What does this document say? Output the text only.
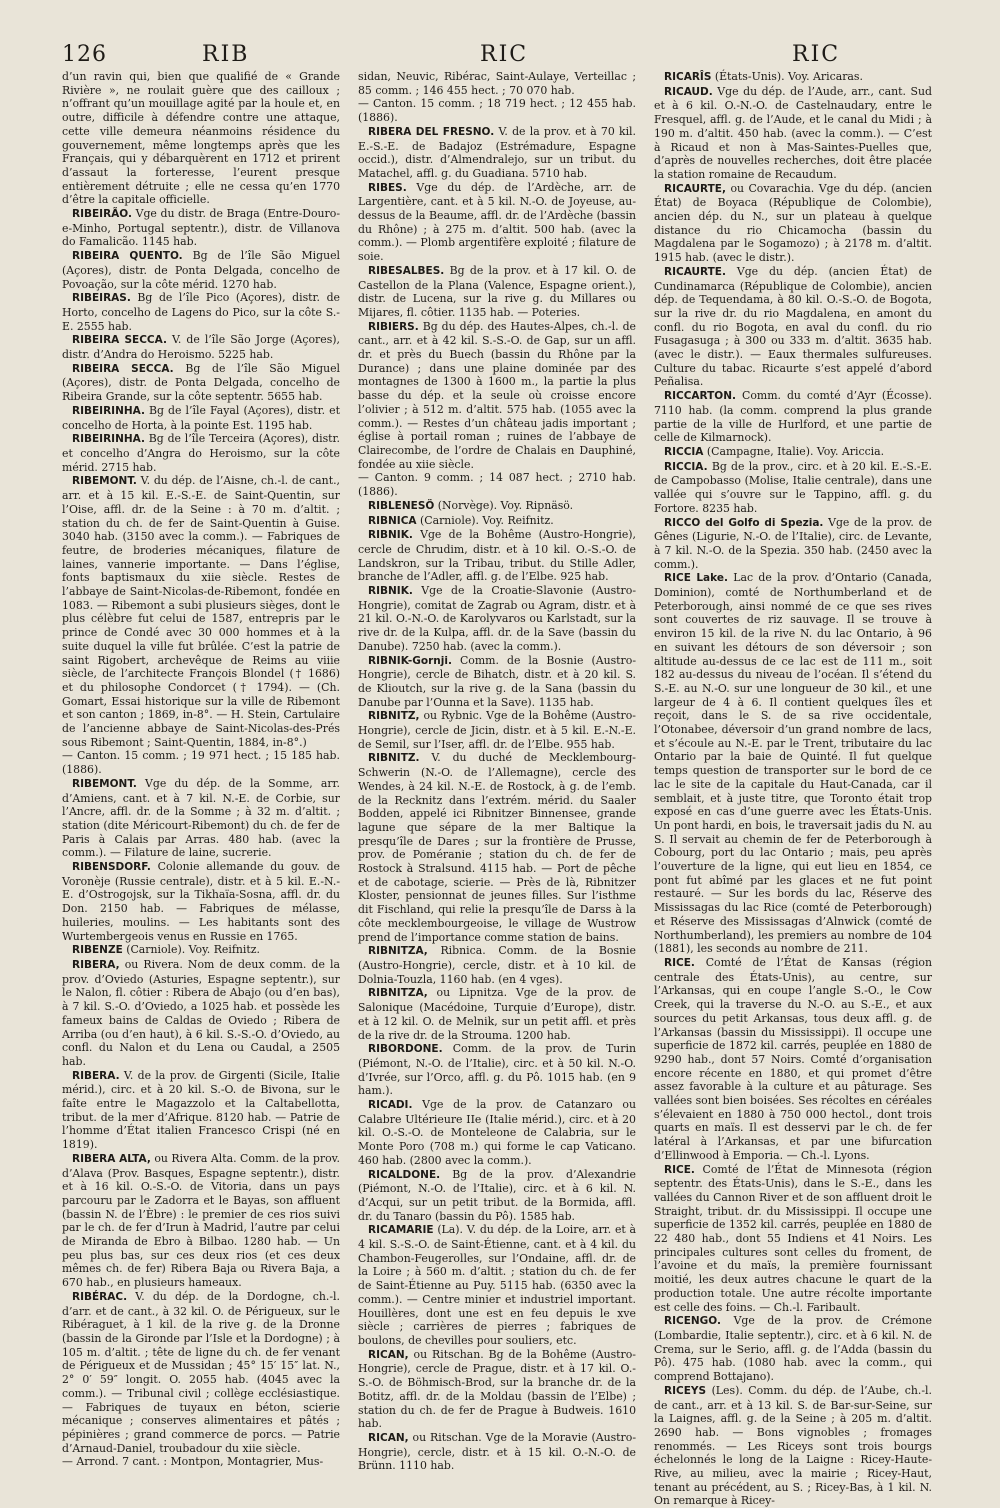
126	RIB	RIC	RIC

d’un ravin qui, bien que qualifié de « Grande Rivière », ne roulait guère que des cailloux ; n’offrant qu’un mouillage agité par la houle et, en outre, difficile à défendre contre une attaque, cette ville demeura néanmoins résidence du gouvernement, même longtemps après que les Français, qui y débarquèrent en 1712 et prirent d’assaut la forteresse, l’eurent presque entièrement détruite ; elle ne cessa qu’en 1770 d’être la capitale officielle.

RIBEIRÃO. Vge du distr. de Braga (Entre-Douro-e-Minho, Portugal septentr.), distr. de Villanova do Famalicão. 1145 hab.

RIBEIRA QUENTO. Bg de l’île São Miguel (Açores), distr. de Ponta Delgada, concelho de Povoação, sur la côte mérid. 1270 hab.

RIBEIRAS. Bg de l’île Pico (Açores), distr. de Horto, concelho de Lagens do Pico, sur la côte S.-E. 2555 hab.

RIBEIRA SECCA. V. de l’île São Jorge (Açores), distr. d’Andra do Heroismo. 5225 hab.

RIBEIRA SECCA. Bg de l’île São Miguel (Açores), distr. de Ponta Delgada, concelho de Ribeira Grande, sur la côte septentr. 5655 hab.

RIBEIRINHA. Bg de l’île Fayal (Açores), distr. et concelho de Horta, à la pointe Est. 1195 hab.

RIBEIRINHA. Bg de l’île Terceira (Açores), distr. et concelho d’Angra do Heroismo, sur la côte mérid. 2715 hab.

RIBEMONT. V. du dép. de l’Aisne, ch.-l. de cant., arr. et à 15 kil. E.-S.-E. de Saint-Quentin, sur l’Oise, affl. dr. de la Seine : à 70 m. d’altit. ; station du ch. de fer de Saint-Quentin à Guise. 3040 hab. (3150 avec la comm.). — Fabriques de feutre, de broderies mécaniques, filature de laines, vannerie importante. — Dans l’église, fonts baptismaux du xiie siècle. Restes de l’abbaye de Saint-Nicolas-de-Ribemont, fondée en 1083. — Ribemont a subi plusieurs sièges, dont le plus célèbre fut celui de 1587, entrepris par le prince de Condé avec 30 000 hommes et à la suite duquel la ville fut brûlée. C’est la patrie de saint Rigobert, archevêque de Reims au viiie siècle, de l’architecte François Blondel († 1686) et du philosophe Condorcet († 1794). — (Ch. Gomart, Essai historique sur la ville de Ribemont et son canton ; 1869, in-8°. — H. Stein, Cartulaire de l’ancienne abbaye de Saint-Nicolas-des-Prés sous Ribemont ; Saint-Quentin, 1884, in-8°.)

— Canton. 15 comm. ; 19 971 hect. ; 15 185 hab. (1886).

RIBEMONT. Vge du dép. de la Somme, arr. d’Amiens, cant. et à 7 kil. N.-E. de Corbie, sur l’Ancre, affl. dr. de la Somme ; à 32 m. d’altit. ; station (dite Méricourt-Ribemont) du ch. de fer de Paris à Calais par Arras. 480 hab. (avec la comm.). — Filature de laine, sucrerie.

RIBENSDORF. Colonie allemande du gouv. de Voronèje (Russie centrale), distr. et à 5 kil. E.-N.-E. d’Ostrogojsk, sur la Tikhaïa-Sosna, affl. dr. du Don. 2150 hab. — Fabriques de mélasse, huileries, moulins. — Les habitants sont des Wurtembergeois venus en Russie en 1765.

RIBENZE (Carniole). Voy. Reifnitz.

RIBERA, ou Rivera. Nom de deux comm. de la prov. d’Oviedo (Asturies, Espagne septentr.), sur le Nalon, fl. côtier : Ribera de Abajo (ou d’en bas), à 7 kil. S.-O. d’Oviedo, a 1025 hab. et possède les fameux bains de Caldas de Oviedo ; Ribera de Arriba (ou d’en haut), à 6 kil. S.-S.-O. d’Oviedo, au confl. du Nalon et du Lena ou Caudal, a 2505 hab.

RIBERA. V. de la prov. de Girgenti (Sicile, Italie mérid.), circ. et à 20 kil. S.-O. de Bivona, sur le faîte entre le Magazzolo et la Caltabellotta, tribut. de la mer d’Afrique. 8120 hab. — Patrie de l’homme d’État italien Francesco Crispi (né en 1819).

RIBERA ALTA, ou Rivera Alta. Comm. de la prov. d’Alava (Prov. Basques, Espagne septentr.), distr. et à 16 kil. O.-S.-O. de Vitoria, dans un pays parcouru par le Zadorra et le Bayas, son affluent (bassin N. de l’Èbre) : le premier de ces rios suivi par le ch. de fer d’Irun à Madrid, l’autre par celui de Miranda de Ebro à Bilbao. 1280 hab. — Un peu plus bas, sur ces deux rios (et ces deux mêmes ch. de fer) Ribera Baja ou Rivera Baja, a 670 hab., en plusieurs hameaux.

RIBÉRAC. V. du dép. de la Dordogne, ch.-l. d’arr. et de cant., à 32 kil. O. de Périgueux, sur le Ribéraguet, à 1 kil. de la rive g. de la Dronne (bassin de la Gironde par l’Isle et la Dordogne) ; à 105 m. d’altit. ; tête de ligne du ch. de fer venant de Périgueux et de Mussidan ; 45° 15′ 15″ lat. N., 2° 0′ 59″ longit. O. 2055 hab. (4045 avec la comm.). — Tribunal civil ; collège ecclésiastique. — Fabriques de tuyaux en béton, scierie mécanique ; conserves alimentaires et pâtés ; pépinières ; grand commerce de porcs. — Patrie d’Arnaud-Daniel, troubadour du xiie siècle.

— Arrond. 7 cant. : Montpon, Montagrier, Mus-

sidan, Neuvic, Ribérac, Saint-Aulaye, Verteillac ; 85 comm. ; 146 455 hect. ; 70 070 hab.

— Canton. 15 comm. ; 18 719 hect. ; 12 455 hab. (1886).

RIBERA DEL FRESNO. V. de la prov. et à 70 kil. E.-S.-E. de Badajoz (Estrémadure, Espagne occid.), distr. d’Almendralejo, sur un tribut. du Matachel, affl. g. du Guadiana. 5710 hab.

RIBES. Vge du dép. de l’Ardèche, arr. de Largentière, cant. et à 5 kil. N.-O. de Joyeuse, au-dessus de la Beaume, affl. dr. de l’Ardèche (bassin du Rhône) ; à 275 m. d’altit. 500 hab. (avec la comm.). — Plomb argentifère exploité ; filature de soie.

RIBESALBES. Bg de la prov. et à 17 kil. O. de Castellon de la Plana (Valence, Espagne orient.), distr. de Lucena, sur la rive g. du Millares ou Mijares, fl. côtier. 1135 hab. — Poteries.

RIBIERS. Bg du dép. des Hautes-Alpes, ch.-l. de cant., arr. et à 42 kil. S.-S.-O. de Gap, sur un affl. dr. et près du Buech (bassin du Rhône par la Durance) ; dans une plaine dominée par des montagnes de 1300 à 1600 m., la partie la plus basse du dép. et la seule où croisse encore l’olivier ; à 512 m. d’altit. 575 hab. (1055 avec la comm.). — Restes d’un château jadis important ; église à portail roman ; ruines de l’abbaye de Clairecombe, de l’ordre de Chalais en Dauphiné, fondée au xiie siècle.

— Canton. 9 comm. ; 14 087 hect. ; 2710 hab. (1886).

RIBLENESÖ (Norvège). Voy. Ripnäsö.

RIBNICA (Carniole). Voy. Reifnitz.

RIBNIK. Vge de la Bohême (Austro-Hongrie), cercle de Chrudim, distr. et à 10 kil. O.-S.-O. de Landskron, sur la Tribau, tribut. du Stille Adler, branche de l’Adler, affl. g. de l’Elbe. 925 hab.

RIBNIK. Vge de la Croatie-Slavonie (Austro-Hongrie), comitat de Zagrab ou Agram, distr. et à 21 kil. O.-N.-O. de Karolyvaros ou Karlstadt, sur la rive dr. de la Kulpa, affl. dr. de la Save (bassin du Danube). 7250 hab. (avec la comm.).

RIBNIK-Gornji. Comm. de la Bosnie (Austro-Hongrie), cercle de Bihatch, distr. et à 20 kil. S. de Klioutch, sur la rive g. de la Sana (bassin du Danube par l’Ounna et la Save). 1135 hab.

RIBNITZ, ou Rybnic. Vge de la Bohême (Austro-Hongrie), cercle de Jicin, distr. et à 5 kil. E.-N.-E. de Semil, sur l’Iser, affl. dr. de l’Elbe. 955 hab.

RIBNITZ. V. du duché de Mecklembourg-Schwerin (N.-O. de l’Allemagne), cercle des Wendes, à 24 kil. N.-E. de Rostock, à g. de l’emb. de la Recknitz dans l’extrém. mérid. du Saaler Bodden, appelé ici Ribnitzer Binnensee, grande lagune que sépare de la mer Baltique la presqu’île de Dares ; sur la frontière de Prusse, prov. de Poméranie ; station du ch. de fer de Rostock à Stralsund. 4115 hab. — Port de pêche et de cabotage, scierie. — Près de là, Ribnitzer Kloster, pensionnat de jeunes filles. Sur l’isthme dit Fischland, qui relie la presqu’île de Darss à la côte mecklembourgeoise, le village de Wustrow prend de l’importance comme station de bains.

RIBNITZA, Ribnica. Comm. de la Bosnie (Austro-Hongrie), cercle, distr. et à 10 kil. de Dolnia-Touzla, 1160 hab. (en 4 vges).

RIBNITZA, ou Lipnitza. Vge de la prov. de Salonique (Macédoine, Turquie d’Europe), distr. et à 12 kil. O. de Melnik, sur un petit affl. et près de la rive dr. de la Strouma. 1200 hab.

RIBORDONE. Comm. de la prov. de Turin (Piémont, N.-O. de l’Italie), circ. et à 50 kil. N.-O. d’Ivrée, sur l’Orco, affl. g. du Pô. 1015 hab. (en 9 ham.).

RICADI. Vge de la prov. de Catanzaro ou Calabre Ultérieure IIe (Italie mérid.), circ. et à 20 kil. O.-S.-O. de Monteleone de Calabria, sur le Monte Poro (708 m.) qui forme le cap Vaticano. 460 hab. (2800 avec la comm.).

RICALDONE. Bg de la prov. d’Alexandrie (Piémont, N.-O. de l’Italie), circ. et à 6 kil. N. d’Acqui, sur un petit tribut. de la Bormida, affl. dr. du Tanaro (bassin du Pô). 1585 hab.

RICAMARIE (La). V. du dép. de la Loire, arr. et à 4 kil. S.-S.-O. de Saint-Étienne, cant. et à 4 kil. du Chambon-Feugerolles, sur l’Ondaine, affl. dr. de la Loire ; à 560 m. d’altit. ; station du ch. de fer de Saint-Étienne au Puy. 5115 hab. (6350 avec la comm.). — Centre minier et industriel important. Houillères, dont une est en feu depuis le xve siècle ; carrières de pierres ; fabriques de boulons, de chevilles pour souliers, etc.

RICAN, ou Ritschan. Bg de la Bohême (Austro-Hongrie), cercle de Prague, distr. et à 17 kil. O.-S.-O. de Böhmisch-Brod, sur la branche dr. de la Botitz, affl. dr. de la Moldau (bassin de l’Elbe) ; station du ch. de fer de Prague à Budweis. 1610 hab.

RICAN, ou Ritschan. Vge de la Moravie (Austro-Hongrie), cercle, distr. et à 15 kil. O.-N.-O. de Brünn. 1110 hab.

RICARÎS (États-Unis). Voy. Aricaras.

RICAUD. Vge du dép. de l’Aude, arr., cant. Sud et à 6 kil. O.-N.-O. de Castelnaudary, entre le Fresquel, affl. g. de l’Aude, et le canal du Midi ; à 190 m. d’altit. 450 hab. (avec la comm.). — C’est à Ricaud et non à Mas-Saintes-Puelles que, d’après de nouvelles recherches, doit être placée la station romaine de Recaudum.

RICAURTE, ou Covarachia. Vge du dép. (ancien État) de Boyaca (République de Colombie), ancien dép. du N., sur un plateau à quelque distance du rio Chicamocha (bassin du Magdalena par le Sogamozo) ; à 2178 m. d’altit. 1915 hab. (avec le distr.).

RICAURTE. Vge du dép. (ancien État) de Cundinamarca (République de Colombie), ancien dép. de Tequendama, à 80 kil. O.-S.-O. de Bogota, sur la rive dr. du rio Magdalena, en amont du confl. du rio Bogota, en aval du confl. du rio Fusagasuga ; à 300 ou 333 m. d’altit. 3635 hab. (avec le distr.). — Eaux thermales sulfureuses. Culture du tabac. Ricaurte s’est appelé d’abord Peñalisa.

RICCARTON. Comm. du comté d’Ayr (Écosse). 7110 hab. (la comm. comprend la plus grande partie de la ville de Hurlford, et une partie de celle de Kilmarnock).

RICCIA (Campagne, Italie). Voy. Ariccia.

RICCIA. Bg de la prov., circ. et à 20 kil. E.-S.-E. de Campobasso (Molise, Italie centrale), dans une vallée qui s’ouvre sur le Tappino, affl. g. du Fortore. 8235 hab.

RICCO del Golfo di Spezia. Vge de la prov. de Gênes (Ligurie, N.-O. de l’Italie), circ. de Levante, à 7 kil. N.-O. de la Spezia. 350 hab. (2450 avec la comm.).

RICE Lake. Lac de la prov. d’Ontario (Canada, Dominion), comté de Northumberland et de Peterborough, ainsi nommé de ce que ses rives sont couvertes de riz sauvage. Il se trouve à environ 15 kil. de la rive N. du lac Ontario, à 96 en suivant les détours de son déversoir ; son altitude au-dessus de ce lac est de 111 m., soit 182 au-dessus du niveau de l’océan. Il s’étend du S.-E. au N.-O. sur une longueur de 30 kil., et une largeur de 4 à 6. Il contient quelques îles et reçoit, dans le S. de sa rive occidentale, l’Otonabee, déversoir d’un grand nombre de lacs, et s’écoule au N.-E. par le Trent, tributaire du lac Ontario par la baie de Quinté. Il fut quelque temps question de transporter sur le bord de ce lac le site de la capitale du Haut-Canada, car il semblait, et à juste titre, que Toronto était trop exposé en cas d’une guerre avec les États-Unis. Un pont hardi, en bois, le traversait jadis du N. au S. Il servait au chemin de fer de Peterborough à Cobourg, port du lac Ontario ; mais, peu après l’ouverture de la ligne, qui eut lieu en 1854, ce pont fut abîmé par les glaces et ne fut point restauré. — Sur les bords du lac, Réserve des Mississagas du lac Rice (comté de Peterborough) et Réserve des Mississagas d’Alnwick (comté de Northumberland), les premiers au nombre de 104 (1881), les seconds au nombre de 211.

RICE. Comté de l’État de Kansas (région centrale des États-Unis), au centre, sur l’Arkansas, qui en coupe l’angle S.-O., le Cow Creek, qui la traverse du N.-O. au S.-E., et aux sources du petit Arkansas, tous deux affl. g. de l’Arkansas (bassin du Mississippi). Il occupe une superficie de 1872 kil. carrés, peuplée en 1880 de 9290 hab., dont 57 Noirs. Comté d’organisation encore récente en 1880, et qui promet d’être assez favorable à la culture et au pâturage. Ses vallées sont bien boisées. Ses récoltes en céréales s’élevaient en 1880 à 750 000 hectol., dont trois quarts en maïs. Il est desservi par le ch. de fer latéral à l’Arkansas, et par une bifurcation d’Ellinwood à Emporia. — Ch.-l. Lyons.

RICE. Comté de l’État de Minnesota (région septentr. des États-Unis), dans le S.-E., dans les vallées du Cannon River et de son affluent droit le Straight, tribut. dr. du Mississippi. Il occupe une superficie de 1352 kil. carrés, peuplée en 1880 de 22 480 hab., dont 55 Indiens et 41 Noirs. Les principales cultures sont celles du froment, de l’avoine et du maïs, la première fournissant moitié, les deux autres chacune le quart de la production totale. Une autre récolte importante est celle des foins. — Ch.-l. Faribault.

RICENGO. Vge de la prov. de Crémone (Lombardie, Italie septentr.), circ. et à 6 kil. N. de Crema, sur le Serio, affl. g. de l’Adda (bassin du Pô). 475 hab. (1080 hab. avec la comm., qui comprend Bottajano).

RICEYS (Les). Comm. du dép. de l’Aube, ch.-l. de cant., arr. et à 13 kil. S. de Bar-sur-Seine, sur la Laignes, affl. g. de la Seine ; à 205 m. d’altit. 2690 hab. — Bons vignobles ; fromages renommés. — Les Riceys sont trois bourgs échelonnés le long de la Laigne : Ricey-Haute-Rive, au milieu, avec la mairie ; Ricey-Haut, tenant au précédent, au S. ; Ricey-Bas, à 1 kil. N. On remarque à Ricey-
